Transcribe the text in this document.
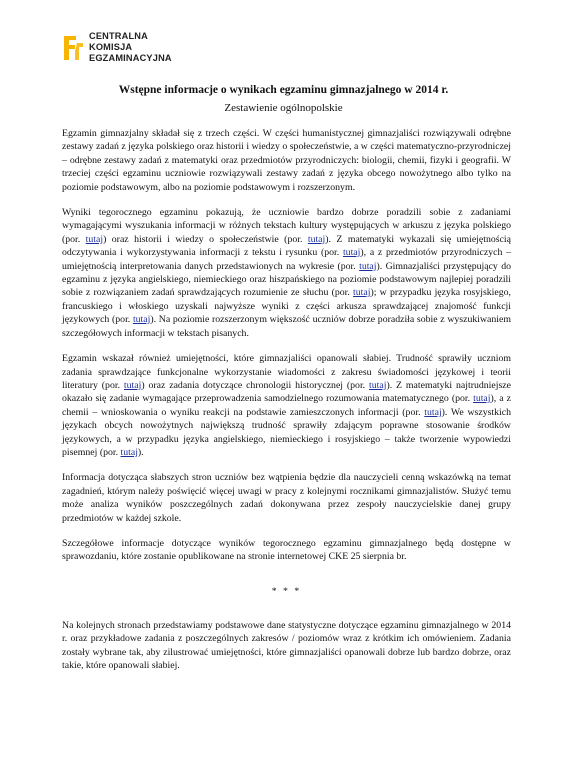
CENTRALNA
KOMISJA
EGZAMINACYJNA
Wstępne informacje o wynikach egzaminu gimnazjalnego w 2014 r.
Zestawienie ogólnopolskie

Egzamin gimnazjalny składał się z trzech części. W części humanistycznej gimnazjaliści rozwiązywali odrębne zestawy zadań z języka polskiego oraz historii i wiedzy o społeczeństwie, a w części matematyczno-przyrodniczej – odrębne zestawy zadań z matematyki oraz przedmiotów przyrodniczych: biologii, chemii, fizyki i geografii. W trzeciej części egzaminu uczniowie rozwiązywali zestawy zadań z języka obcego nowożytnego albo tylko na poziomie podstawowym, albo na poziomie podstawowym i rozszerzonym.

Wyniki tegorocznego egzaminu pokazują, że uczniowie bardzo dobrze poradzili sobie z zadaniami wymagającymi wyszukania informacji w różnych tekstach kultury występujących w arkuszu z języka polskiego (por. tutaj) oraz historii i wiedzy o społeczeństwie (por. tutaj). Z matematyki wykazali się umiejętnością odczytywania i wykorzystywania informacji z tekstu i rysunku (por. tutaj), a z przedmiotów przyrodniczych – umiejętnością interpretowania danych przedstawionych na wykresie (por. tutaj). Gimnazjaliści przystępujący do egzaminu z języka angielskiego, niemieckiego oraz hiszpańskiego na poziomie podstawowym najlepiej poradzili sobie z rozwiązaniem zadań sprawdzających rozumienie ze słuchu (por. tutaj); w przypadku języka rosyjskiego, francuskiego i włoskiego uzyskali najwyższe wyniki z części arkusza sprawdzającej znajomość funkcji językowych (por. tutaj). Na poziomie rozszerzonym większość uczniów dobrze poradziła sobie z wyszukiwaniem szczegółowych informacji w tekstach pisanych.

Egzamin wskazał również umiejętności, które gimnazjaliści opanowali słabiej. Trudność sprawiły uczniom zadania sprawdzające funkcjonalne wykorzystanie wiadomości z zakresu świadomości językowej i teorii literatury (por. tutaj) oraz zadania dotyczące chronologii historycznej (por. tutaj). Z matematyki najtrudniejsze okazało się zadanie wymagające przeprowadzenia samodzielnego rozumowania matematycznego (por. tutaj), a z chemii – wnioskowania o wyniku reakcji na podstawie zamieszczonych informacji (por. tutaj). We wszystkich językach obcych nowożytnych największą trudność sprawiły zdającym poprawne stosowanie środków językowych, a w przypadku języka angielskiego, niemieckiego i rosyjskiego – także tworzenie wypowiedzi pisemnej (por. tutaj).

Informacja dotycząca słabszych stron uczniów bez wątpienia będzie dla nauczycieli cenną wskazówką na temat zagadnień, którym należy poświęcić więcej uwagi w pracy z kolejnymi rocznikami gimnazjalistów. Służyć temu może analiza wyników poszczególnych zadań dokonywana przez zespoły nauczycielskie danej grupy przedmiotów w każdej szkole.

Szczegółowe informacje dotyczące wyników tegorocznego egzaminu gimnazjalnego będą dostępne w sprawozdaniu, które zostanie opublikowane na stronie internetowej CKE 25 sierpnia br.

* * *

Na kolejnych stronach przedstawiamy podstawowe dane statystyczne dotyczące egzaminu gimnazjalnego w 2014 r. oraz przykładowe zadania z poszczególnych zakresów / poziomów wraz z krótkim ich omówieniem. Zadania zostały wybrane tak, aby zilustrować umiejętności, które gimnazjaliści opanowali dobrze lub bardzo dobrze, oraz takie, które opanowali słabiej.
